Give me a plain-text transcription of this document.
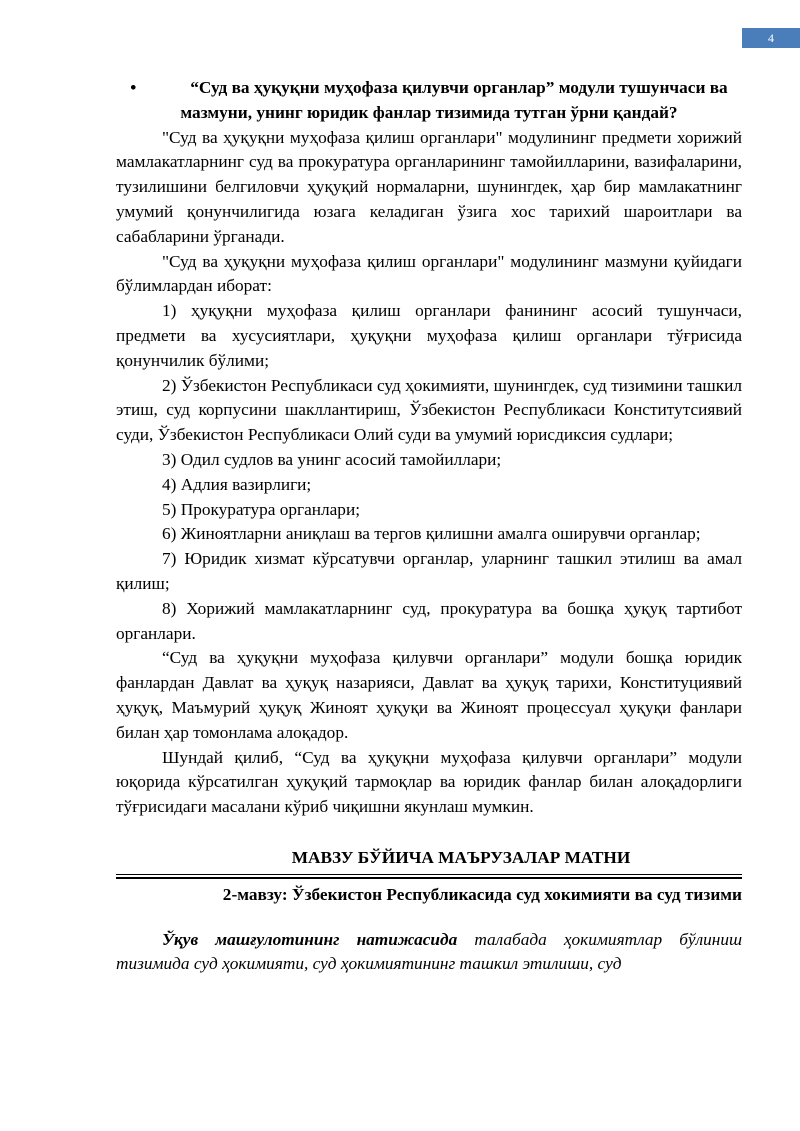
4

•	“Суд ва ҳуқуқни муҳофаза қилувчи органлар” модули тушунчаси ва мазмуни, унинг юридик фанлар тизимида тутган ўрни қандай?

"Суд ва ҳуқуқни муҳофаза қилиш органлари" модулининг предмети хорижий мамлакатларнинг суд ва прокуратура органларининг тамойилларини, вазифаларини, тузилишини белгиловчи ҳуқуқий нормаларни, шунингдек, ҳар бир мамлакатнинг умумий қонунчилигида юзага келадиган ўзига хос тарихий шароитлари ва сабабларини ўрганади.

"Суд ва ҳуқуқни муҳофаза қилиш органлари" модулининг мазмуни қуйидаги бўлимлардан иборат:

1) ҳуқуқни муҳофаза қилиш органлари фанининг асосий тушунчаси, предмети ва хусусиятлари, ҳуқуқни муҳофаза қилиш органлари тўғрисида қонунчилик бўлими;

2) Ўзбекистон Республикаси суд ҳокимияти, шунингдек, суд тизимини ташкил этиш, суд корпусини шакллантириш, Ўзбекистон Республикаси Конститутсиявий суди, Ўзбекистон Республикаси Олий суди ва умумий юрисдиксия судлари;

3) Одил судлов ва унинг асосий тамойиллари;

4) Адлия вазирлиги;

5) Прокуратура органлари;

6) Жиноятларни аниқлаш ва тергов қилишни амалга оширувчи органлар;

7) Юридик хизмат кўрсатувчи органлар, уларнинг ташкил этилиш ва амал қилиш;

8) Хорижий мамлакатларнинг суд, прокуратура ва бошқа ҳуқуқ тартибот органлари.

“Суд ва ҳуқуқни муҳофаза қилувчи органлари” модули бошқа юридик фанлардан Давлат ва ҳуқуқ назарияси, Давлат ва ҳуқуқ тарихи, Конституциявий ҳуқуқ, Маъмурий ҳуқуқ Жиноят ҳуқуқи ва Жиноят процессуал ҳуқуқи фанлари билан ҳар томонлама алоқадор.

Шундай қилиб, “Суд ва ҳуқуқни муҳофаза қилувчи органлари” модули юқорида кўрсатилган ҳуқуқий тармоқлар ва юридик фанлар билан алоқадорлиги тўғрисидаги масалани кўриб чиқишни якунлаш мумкин.

МАВЗУ БЎЙИЧА МАЪРУЗАЛАР МАТНИ
2-мавзу: Ўзбекистон Республикасида суд хокимияти ва суд тизими

Ўқув машғулотининг натижасида талабада ҳокимиятлар бўлиниш тизимида суд ҳокимияти, суд ҳокимиятининг ташкил этилиши, суд
